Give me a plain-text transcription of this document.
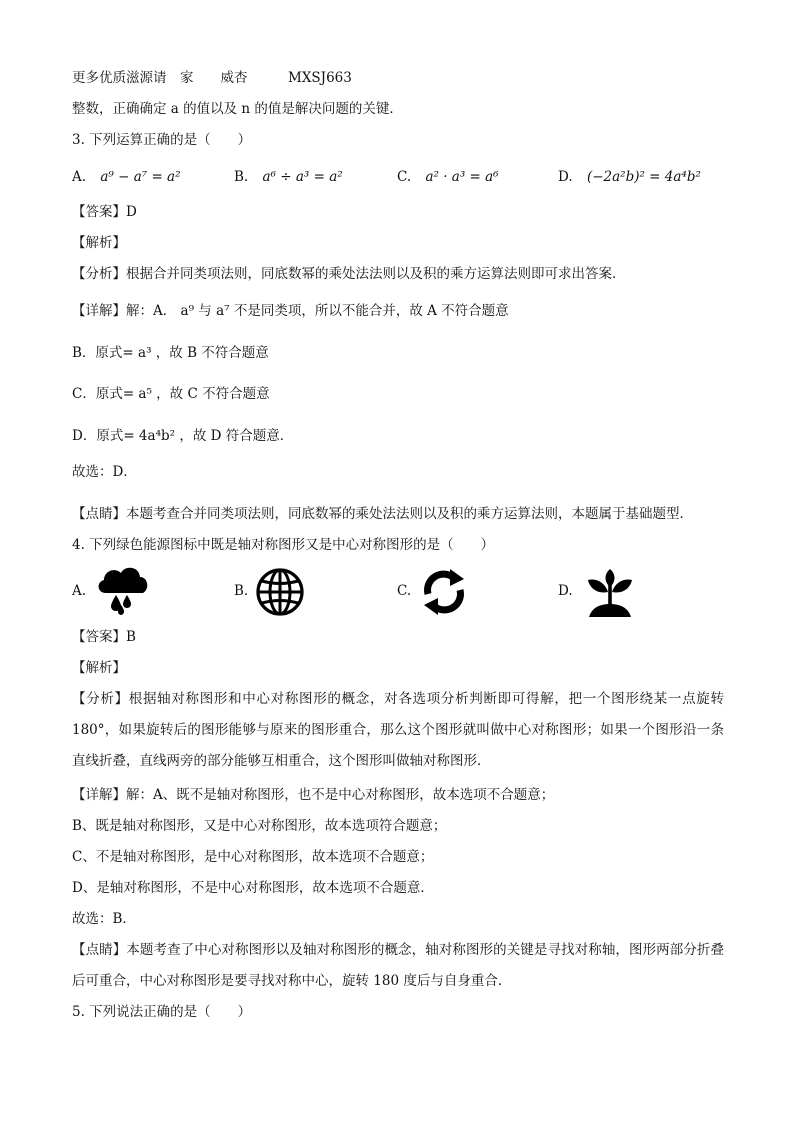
更多优质滋源请　家　　威杏　　　MXSJ663
整数，正确确定 a 的值以及 n 的值是解决问题的关键．
3. 下列运算正确的是（　　）
A. a⁹ − a⁷ = a²	B. a⁶ ÷ a³ = a²	C. a² · a³ = a⁶	D. (−2a²b)² = 4a⁴b²
【答案】D
【解析】
【分析】根据合并同类项法则，同底数幂的乘处法法则以及积的乘方运算法则即可求出答案．
【详解】解：A． a⁹ 与 a⁷ 不是同类项，所以不能合并，故 A 不符合题意
B．原式= a³ ，故 B 不符合题意
C．原式= a⁵ ，故 C 不符合题意
D．原式= 4a⁴b² ，故 D 符合题意．
故选：D．
【点睛】本题考查合并同类项法则，同底数幂的乘处法法则以及积的乘方运算法则，本题属于基础题型．
4. 下列绿色能源图标中既是轴对称图形又是中心对称图形的是（　　）
A.	B.	C.	D.
【答案】B
【解析】
【分析】根据轴对称图形和中心对称图形的概念，对各选项分析判断即可得解，把一个图形绕某一点旋转 180°，如果旋转后的图形能够与原来的图形重合，那么这个图形就叫做中心对称图形；如果一个图形沿一条直线折叠，直线两旁的部分能够互相重合，这个图形叫做轴对称图形．
【详解】解：A、既不是轴对称图形，也不是中心对称图形，故本选项不合题意；
B、既是轴对称图形，又是中心对称图形，故本选项符合题意；
C、不是轴对称图形，是中心对称图形，故本选项不合题意；
D、是轴对称图形，不是中心对称图形，故本选项不合题意．
故选：B．
【点睛】本题考查了中心对称图形以及轴对称图形的概念，轴对称图形的关键是寻找对称轴，图形两部分折叠后可重合，中心对称图形是要寻找对称中心，旋转 180 度后与自身重合．
5. 下列说法正确的是（　　）
